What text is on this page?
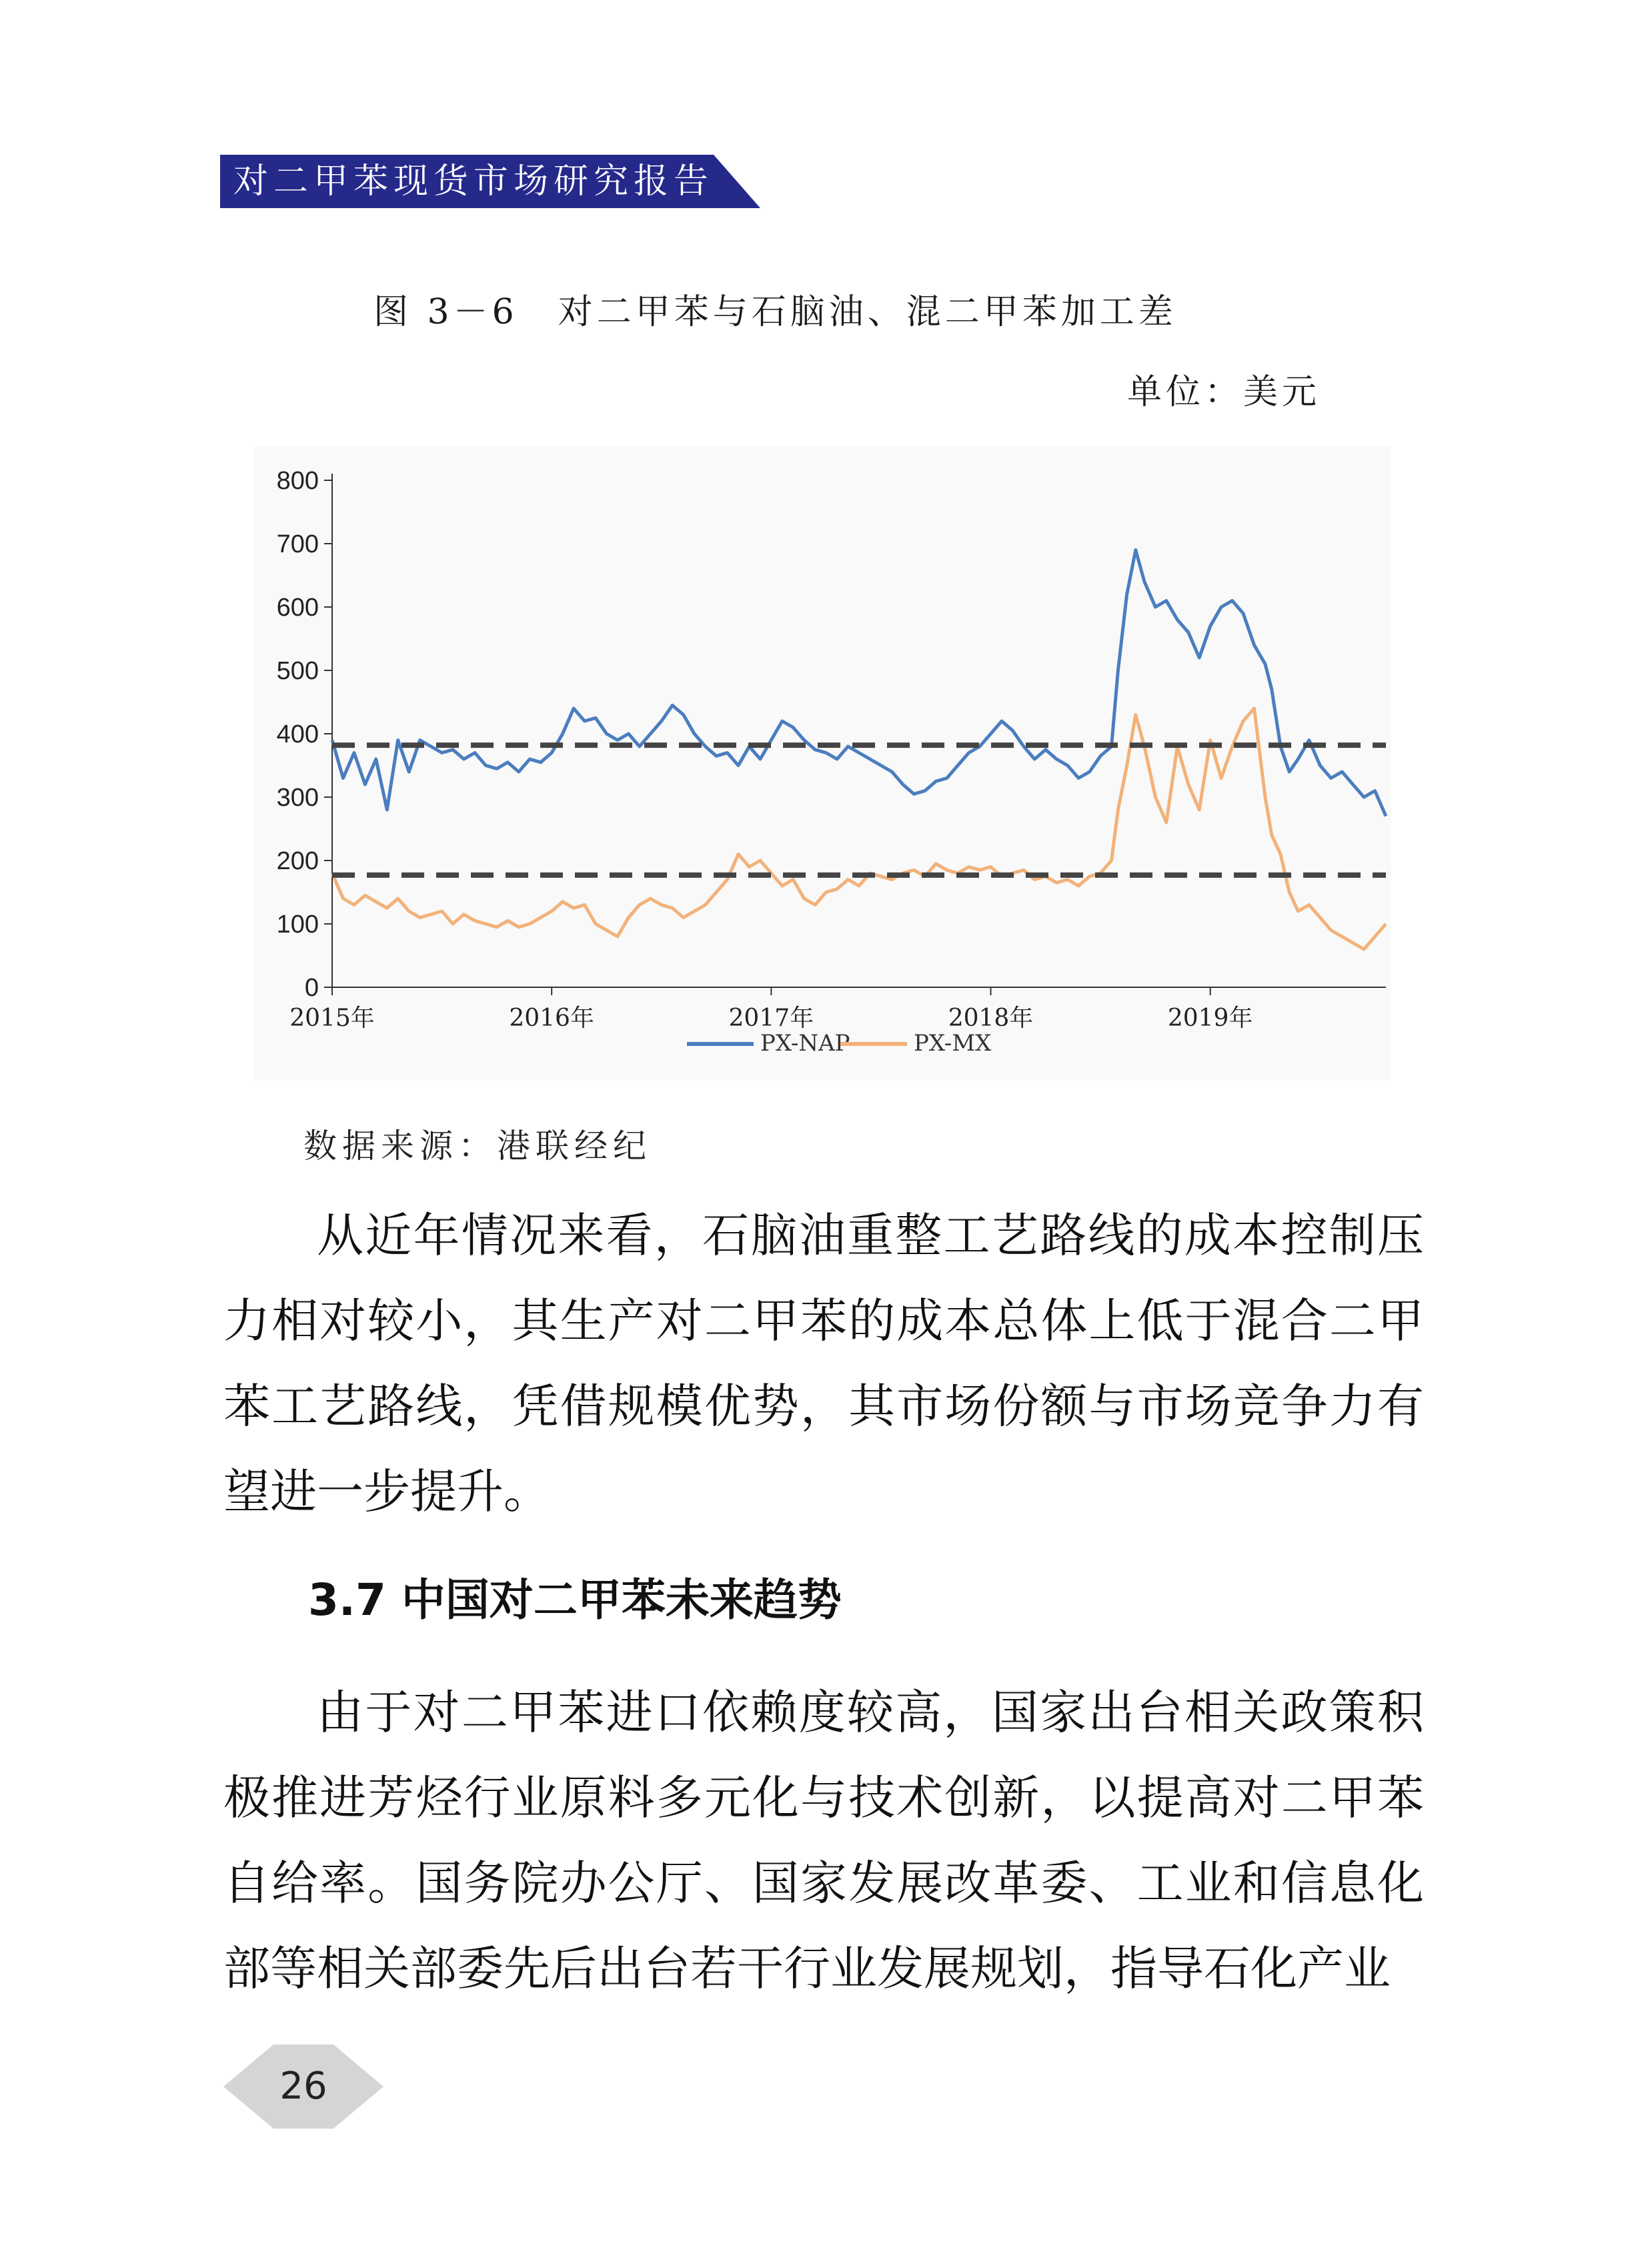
对二甲苯现货市场研究报告
图 3－6 对二甲苯与石脑油、混二甲苯加工差
单位：美元
0
100
200
300
400
500
600
700
800
2015年	2016年	2017年	2018年	2019年
PX-NAP	PX-MX
数据来源：港联经纪
从近年情况来看，石脑油重整工艺路线的成本控制压力相对较小，其生产对二甲苯的成本总体上低于混合二甲苯工艺路线，凭借规模优势，其市场份额与市场竞争力有望进一步提升。
3.7 中国对二甲苯未来趋势
由于对二甲苯进口依赖度较高，国家出台相关政策积极推进芳烃行业原料多元化与技术创新，以提高对二甲苯自给率。国务院办公厅、国家发展改革委、工业和信息化部等相关部委先后出台若干行业发展规划，指导石化产业
26
